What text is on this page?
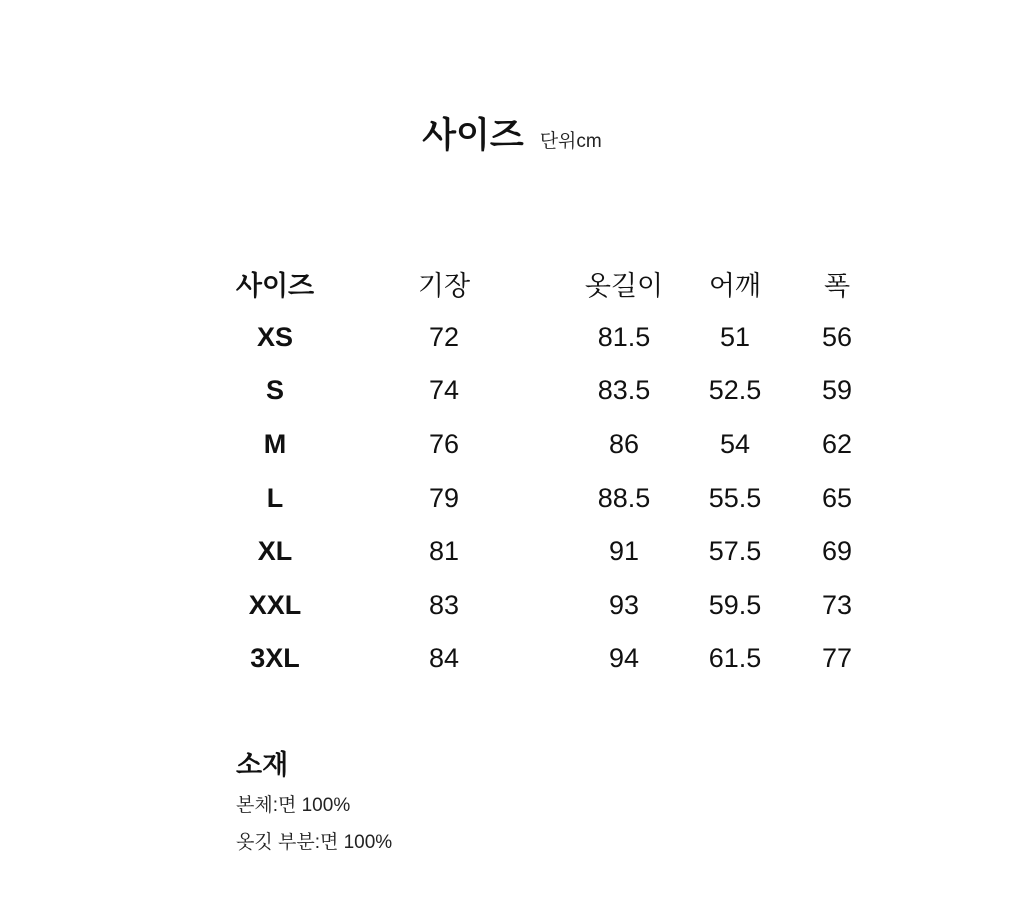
사이즈 단위cm
사이즈	기장	옷길이	어깨	폭
XS	72	81.5	51	56
S	74	83.5	52.5	59
M	76	86	54	62
L	79	88.5	55.5	65
XL	81	91	57.5	69
XXL	83	93	59.5	73
3XL	84	94	61.5	77
소재
본체:면 100%
옷깃 부분:면 100%
